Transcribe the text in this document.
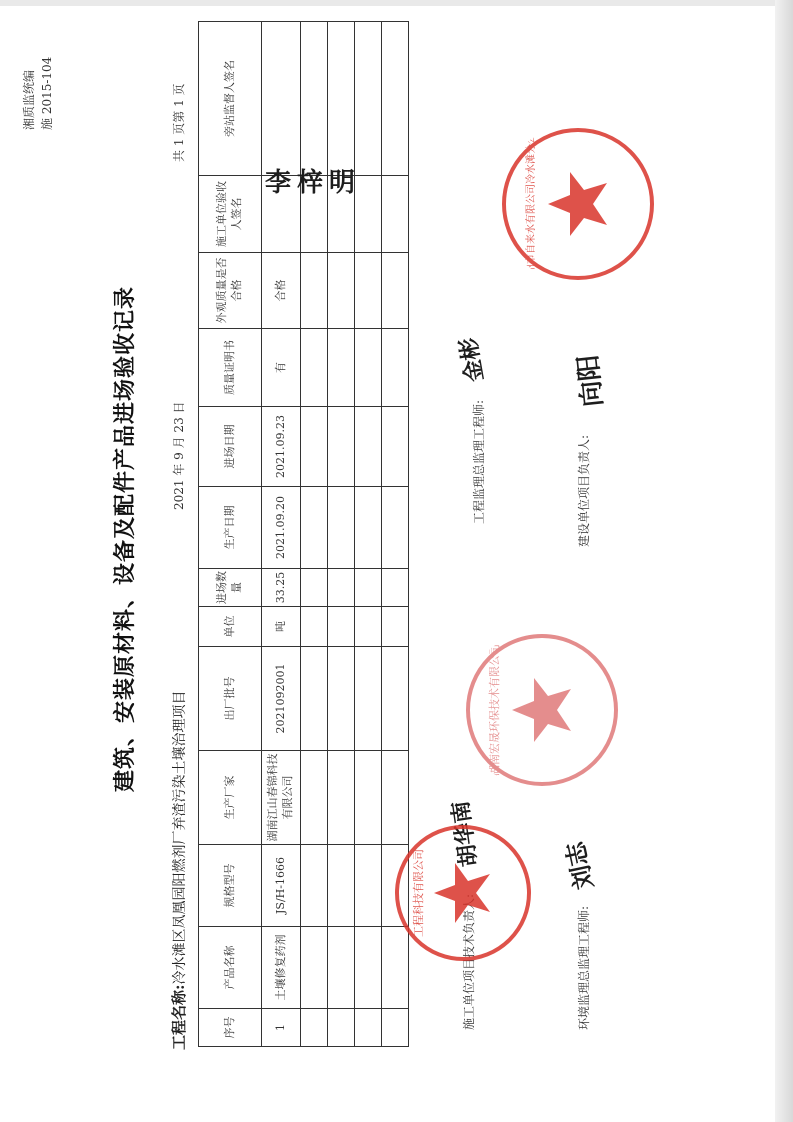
湘质监统编 施 2015-104
建筑、安装原材料、设备及配件产品进场验收记录
工程名称:冷水滩区凤凰园阳燃剂厂弃渣污染土壤治理项目
2021 年 9 月 23 日
共 1 页第 1 页
序号	产品名称	规格型号	生产厂家	出厂批号	单位	进场数量	生产日期	进场日期	质量证明书	外观质量是否合格	施工单位验收人签名	旁站监督人签名
1	土壤修复药剂	JS/H-1666	湖南江山春锦科技有限公司	2021092001	吨	33.25	2021.09.20	2021.09.23	有	合格		

李梓明
施工单位项目技术负责人:
胡华南
工程监理总监理工程师:
金彬
环境监理总监理工程师:
刘志
建设单位项目负责人:
向阳
工程科技有限公司
湖南宏晟环保技术有限公司
永州市自来水有限公司冷水滩分公司
